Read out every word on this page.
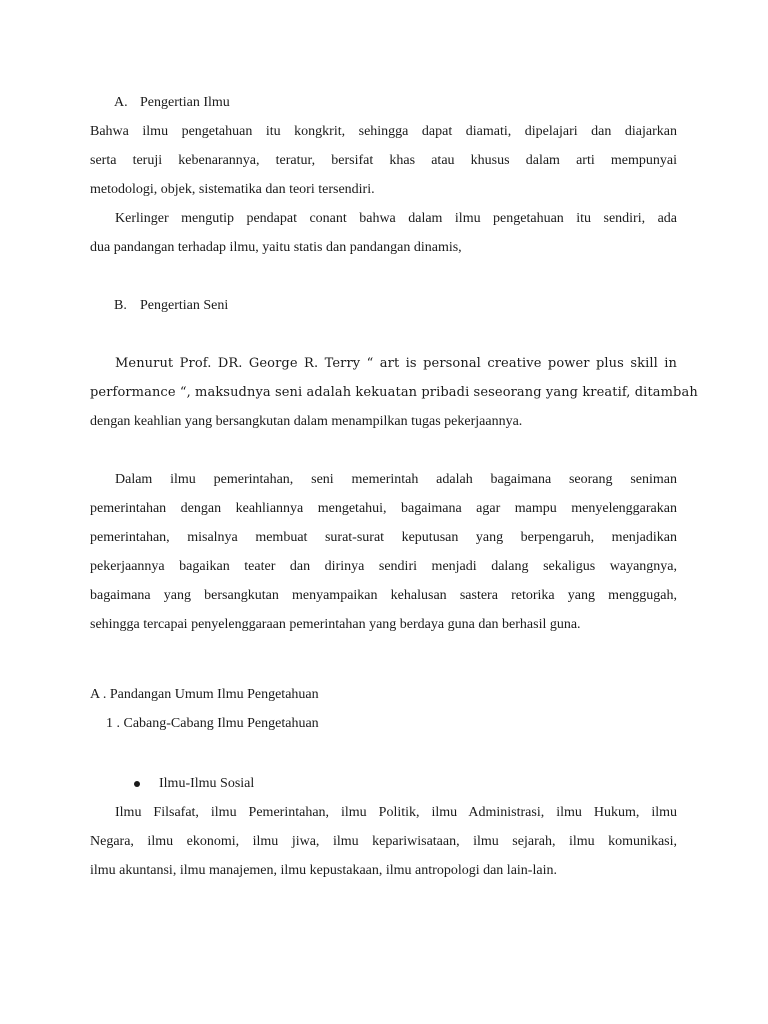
A. Pengertian Ilmu
Bahwa ilmu pengetahuan itu kongkrit, sehingga dapat diamati, dipelajari dan diajarkan
serta teruji kebenarannya, teratur, bersifat khas atau khusus dalam arti mempunyai
metodologi, objek, sistematika dan teori tersendiri.
Kerlinger mengutip pendapat conant bahwa dalam ilmu pengetahuan itu sendiri, ada
dua pandangan terhadap ilmu, yaitu statis dan pandangan dinamis,
B. Pengertian Seni
Menurut Prof. DR. George R. Terry “ art is personal creative power plus skill in
performance “, maksudnya seni adalah kekuatan pribadi seseorang yang kreatif, ditambah
dengan keahlian yang bersangkutan dalam menampilkan tugas pekerjaannya.
Dalam ilmu pemerintahan, seni memerintah adalah bagaimana seorang seniman
pemerintahan dengan keahliannya mengetahui, bagaimana agar mampu menyelenggarakan
pemerintahan, misalnya membuat surat-surat keputusan yang berpengaruh, menjadikan
pekerjaannya bagaikan teater dan dirinya sendiri menjadi dalang sekaligus wayangnya,
bagaimana yang bersangkutan menyampaikan kehalusan sastera retorika yang menggugah,
sehingga tercapai penyelenggaraan pemerintahan yang berdaya guna dan berhasil guna.
A . Pandangan Umum Ilmu Pengetahuan
1 . Cabang-Cabang Ilmu Pengetahuan
Ilmu-Ilmu Sosial
Ilmu Filsafat, ilmu Pemerintahan, ilmu Politik, ilmu Administrasi, ilmu Hukum, ilmu
Negara, ilmu ekonomi, ilmu jiwa, ilmu kepariwisataan, ilmu sejarah, ilmu komunikasi,
ilmu akuntansi, ilmu manajemen, ilmu kepustakaan, ilmu antropologi dan lain-lain.
